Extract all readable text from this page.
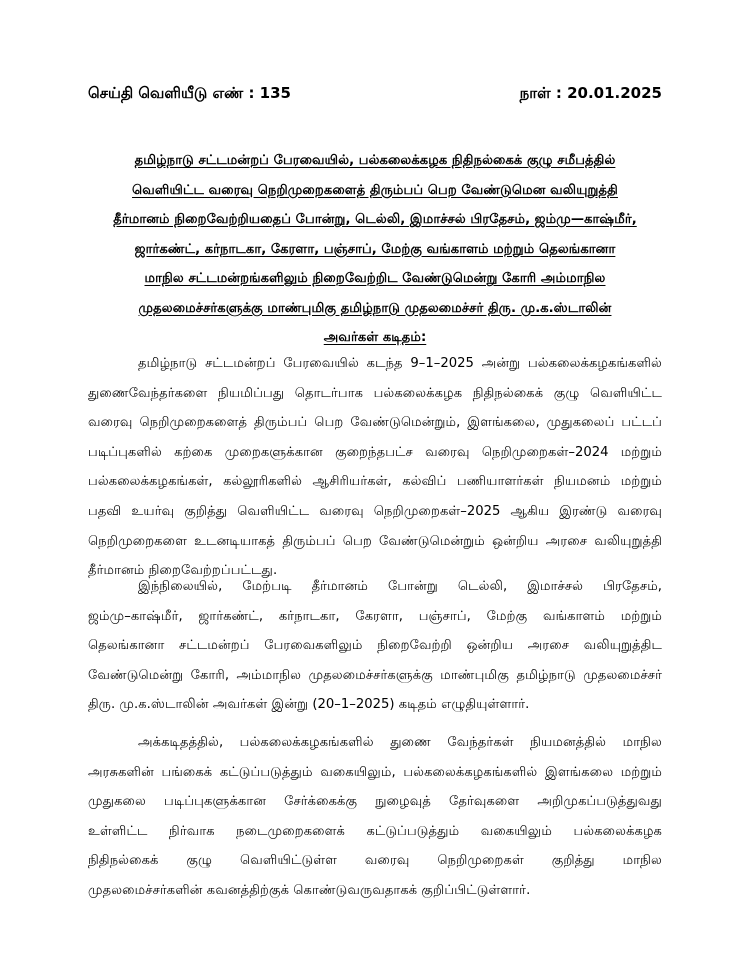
செய்தி வெளியீடு எண் : 135	நாள் : 20.01.2025
தமிழ்நாடு சட்டமன்றப் பேரவையில், பல்கலைக்கழக நிதிநல்கைக் குழு சமீபத்தில்
வெளியிட்ட வரைவு நெறிமுறைகளைத் திரும்பப் பெற வேண்டுமென வலியுறுத்தி
தீர்மானம் நிறைவேற்றியதைப் போன்று, டெல்லி, இமாச்சல் பிரதேசம், ஜம்மு—காஷ்மீர்,
ஜார்கண்ட், கர்நாடகா, கேரளா, பஞ்சாப், மேற்கு வங்காளம் மற்றும் தெலங்கானா
மாநில சட்டமன்றங்களிலும் நிறைவேற்றிட வேண்டுமென்று கோரி அம்மாநில
முதலமைச்சர்களுக்கு மாண்புமிகு தமிழ்நாடு முதலமைச்சர் திரு. மு.க.ஸ்டாலின்
அவர்கள் கடிதம்:
தமிழ்நாடு சட்டமன்றப் பேரவையில் கடந்த 9–1–2025 அன்று பல்கலைக்கழகங்களில்
துணைவேந்தர்களை நியமிப்பது தொடர்பாக பல்கலைக்கழக நிதிநல்கைக் குழு வெளியிட்ட
வரைவு நெறிமுறைகளைத் திரும்பப் பெற வேண்டுமென்றும், இளங்கலை, முதுகலைப் பட்டப்
படிப்புகளில் கற்கை முறைகளுக்கான குறைந்தபட்ச வரைவு நெறிமுறைகள்–2024 மற்றும்
பல்கலைக்கழகங்கள், கல்லூரிகளில் ஆசிரியர்கள், கல்விப் பணியாளர்கள் நியமனம் மற்றும்
பதவி உயர்வு குறித்து வெளியிட்ட வரைவு நெறிமுறைகள்–2025 ஆகிய இரண்டு வரைவு
நெறிமுறைகளை உடனடியாகத் திரும்பப் பெற வேண்டுமென்றும் ஒன்றிய அரசை வலியுறுத்தி
தீர்மானம் நிறைவேற்றப்பட்டது.
இந்நிலையில், மேற்படி தீர்மானம் போன்று டெல்லி, இமாச்சல் பிரதேசம்,
ஜம்மு–காஷ்மீர், ஜார்கண்ட், கர்நாடகா, கேரளா, பஞ்சாப், மேற்கு வங்காளம் மற்றும்
தெலங்கானா சட்டமன்றப் பேரவைகளிலும் நிறைவேற்றி ஒன்றிய அரசை வலியுறுத்திட
வேண்டுமென்று கோரி, அம்மாநில முதலமைச்சர்களுக்கு மாண்புமிகு தமிழ்நாடு முதலமைச்சர்
திரு. மு.க.ஸ்டாலின் அவர்கள் இன்று (20–1–2025) கடிதம் எழுதியுள்ளார்.
அக்கடிதத்தில், பல்கலைக்கழகங்களில் துணை வேந்தர்கள் நியமனத்தில் மாநில
அரசுகளின் பங்கைக் கட்டுப்படுத்தும் வகையிலும், பல்கலைக்கழகங்களில் இளங்கலை மற்றும்
முதுகலை படிப்புகளுக்கான சேர்க்கைக்கு நுழைவுத் தேர்வுகளை அறிமுகப்படுத்துவது
உள்ளிட்ட நிர்வாக நடைமுறைகளைக் கட்டுப்படுத்தும் வகையிலும் பல்கலைக்கழக
நிதிநல்கைக் குழு வெளியிட்டுள்ள வரைவு நெறிமுறைகள் குறித்து மாநில
முதலமைச்சர்களின் கவனத்திற்குக் கொண்டுவருவதாகக் குறிப்பிட்டுள்ளார்.
